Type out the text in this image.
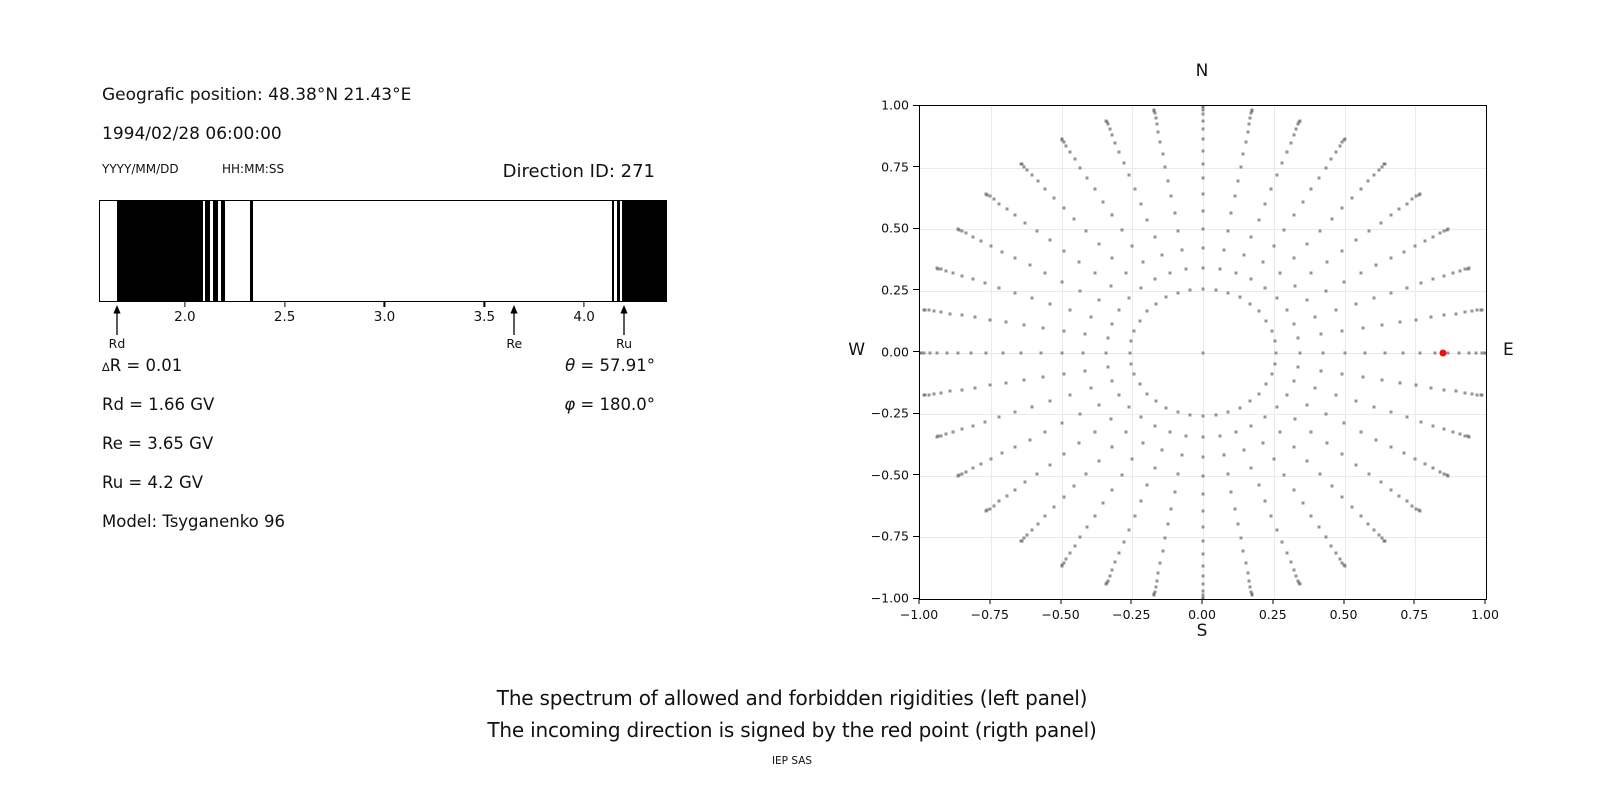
Geografic position: 48.38°N 21.43°E
1994/02/28 06:00:00
YYYY/MM/DD	HH:MM:SS	Direction ID: 271
2.0	2.5	3.0	3.5	4.0
Rd	Re	Ru
∆R = 0.01
Rd = 1.66 GV
Re = 3.65 GV
Ru = 4.2 GV
Model: Tsyganenko 96
θ = 57.91°
φ = 180.0°
N
1.00
0.75
0.50
0.25
0.00
−0.25
−0.50
−0.75
−1.00
−1.00	−0.75	−0.50	−0.25	0.00	0.25	0.50	0.75	1.00
S
W	E
The spectrum of allowed and forbidden rigidities (left panel)
The incoming direction is signed by the red point (rigth panel)
IEP SAS
